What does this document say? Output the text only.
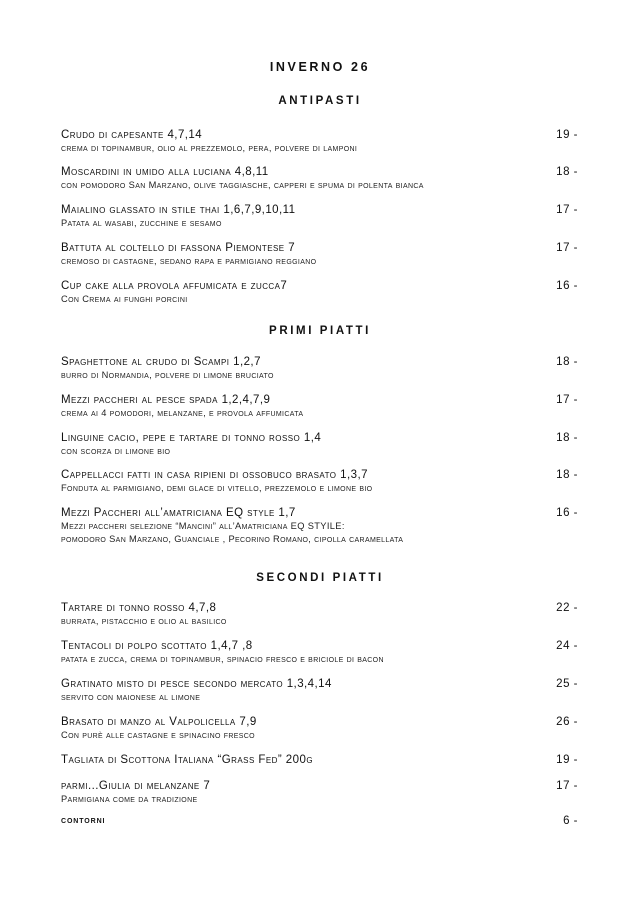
INVERNO 26
ANTIPASTI
Crudo di capesante 4,7,14
crema di topinambur, olio al prezzemolo, pera, polvere di lamponi
19 -
Moscardini in umido alla luciana 4,8,11
con pomodoro San Marzano, olive taggiasche, capperi e spuma di polenta bianca
18 -
Maialino glassato in stile thai 1,6,7,9,10,11
Patata al wasabi, zucchine e sesamo
17 -
Battuta al coltello di fassona Piemontese 7
cremoso di castagne, sedano rapa e parmigiano reggiano
17 -
Cup cake alla provola affumicata e zucca7
Con Crema ai funghi porcini
16 -
PRIMI PIATTI
Spaghettone al crudo di Scampi 1,2,7
burro di Normandia, polvere di limone bruciato
18 -
Mezzi paccheri al pesce spada 1,2,4,7,9
crema ai 4 pomodori, melanzane, e provola affumicata
17 -
Linguine cacio, pepe e tartare di tonno rosso 1,4
con scorza di limone bio
18 -
Cappellacci fatti in casa ripieni di ossobuco brasato 1,3,7
Fonduta al parmigiano, demi glace di vitello, prezzemolo e limone bio
18 -
Mezzi Paccheri all’amatriciana EQ style 1,7
Mezzi paccheri selezione “Mancini” all’Amatriciana EQ STYILE:
pomodoro San Marzano, Guanciale , Pecorino Romano, cipolla caramellata
16 -
SECONDI PIATTI
Tartare di tonno rosso 4,7,8
burrata, pistacchio e olio al basilico
22 -
Tentacoli di polpo scottato 1,4,7 ,8
patata e zucca, crema di topinambur, spinacio fresco e briciole di bacon
24 -
Gratinato misto di pesce secondo mercato 1,3,4,14
servito con maionese al limone
25 -
Brasato di manzo al Valpolicella 7,9
Con purè alle castagne e spinacino fresco
26 -
Tagliata di Scottona Italiana “Grass Fed” 200g	19 -
parmi...Giulia di melanzane 7
Parmigiana come da tradizione
17 -
contorni	6 -
